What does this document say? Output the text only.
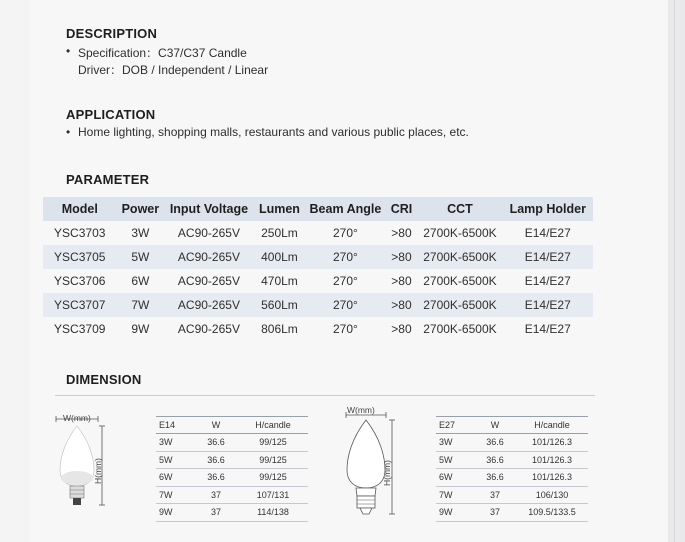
DESCRIPTION
• Specification：C37/C37 Candle
Driver：DOB / Independent / Linear
APPLICATION
• Home lighting, shopping malls, restaurants and various public places, etc.
PARAMETER
Model	Power	Input Voltage	Lumen	Beam Angle	CRI	CCT	Lamp Holder
YSC3703	3W	AC90-265V	250Lm	270°	>80	2700K-6500K	E14/E27
YSC3705	5W	AC90-265V	400Lm	270°	>80	2700K-6500K	E14/E27
YSC3706	6W	AC90-265V	470Lm	270°	>80	2700K-6500K	E14/E27
YSC3707	7W	AC90-265V	560Lm	270°	>80	2700K-6500K	E14/E27
YSC3709	9W	AC90-265V	806Lm	270°	>80	2700K-6500K	E14/E27
DIMENSION
W(mm)
H(mm)
E14	W	H/candle
3W	36.6	99/125
5W	36.6	99/125
6W	36.6	99/125
7W	37	107/131
9W	37	114/138
W(mm)
H(mm)
E27	W	H/candle
3W	36.6	101/126.3
5W	36.6	101/126.3
6W	36.6	101/126.3
7W	37	106/130
9W	37	109.5/133.5
